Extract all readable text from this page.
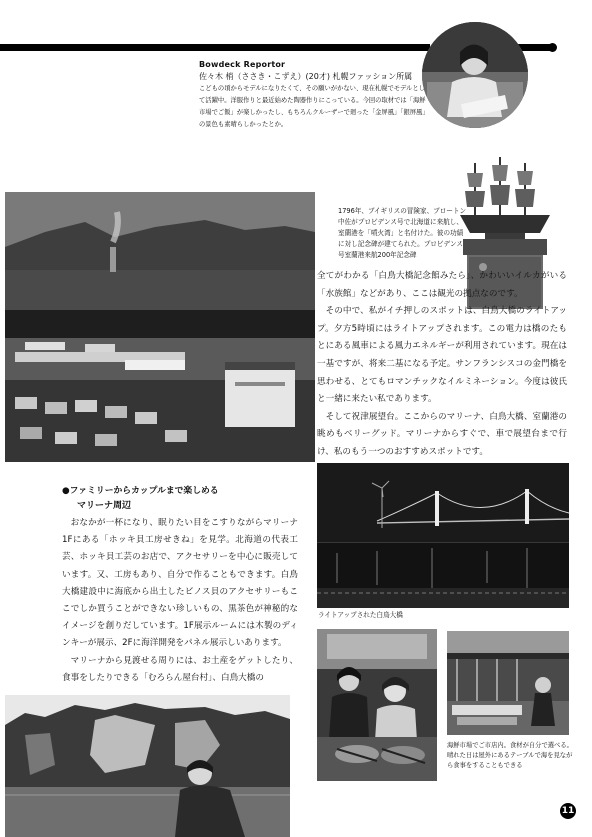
Bowdeck Reportor
佐々木 梢（ささき・こずえ）(20才) 札幌ファッション所属
こどもの頃からモデルになりたくて、その願いがかない、現在札幌でモデルとして活躍中。洋服作りと最近始めた陶器作りにこっている。今回の取材では「海鮮市場でご飯」が楽しかったし、もちろんクルーザーで廻った「金屏風」「銀屏風」の景色も素晴らしかったとか。
1796年、ブイギリスの冒険家、ブロートン中佐がプロビデンス号で北海道に来航し、室蘭港を「噴火湾」と名付けた。彼の功績に対し記念碑が建てられた。プロビデンス号室蘭港来航200年記念碑

全てがわかる「白鳥大橋記念館みたら」、かわいいイルカがいる「水族館」などがあり、ここは観光の拠点なのです。

その中で、私がイチ押しのスポットは、白鳥大橋のライトアップ。夕方5時頃にはライトアップされます。この電力は橋のたもとにある風車による風力エネルギーが利用されています。現在は一基ですが、将来二基になる予定。サンフランシスコの金門橋を思わせる、とてもロマンチックなイルミネーション。今度は彼氏と一緒に来たい私であります。

そして祝津展望台。ここからのマリーナ、白鳥大橋、室蘭港の眺めもベリーグッド。マリーナからすぐで、車で展望台まで行け、私のもう一つのおすすめスポットです。

ライトアップされた白鳥大橋
●ファミリーからカップルまで楽しめる
マリーナ周辺

おなかが一杯になり、眠りたい目をこすりながらマリーナ1Fにある「ホッキ貝工房せきね」を見学。北海道の代表工芸、ホッキ貝工芸のお店で、アクセサリーを中心に販売しています。又、工房もあり、自分で作ることもできます。白鳥大橋建設中に海底から出土したビノス貝のアクセサリーもここでしか買うことができない珍しいもの、黒茶色が神秘的なイメージを創りだしています。1F展示ルームには木製のディンキーが展示、2Fに海洋開発をパネル展示しいあります。

マリーナから見渡せる周りには、お土産をゲットしたり、食事をしたりできる「むろらん屋台村」、白鳥大橋の

海鮮市場でご市店内。食材が自分で選べる。晴れた日は屋外にあるテーブルで海を見ながら食事をすることもできる
11
